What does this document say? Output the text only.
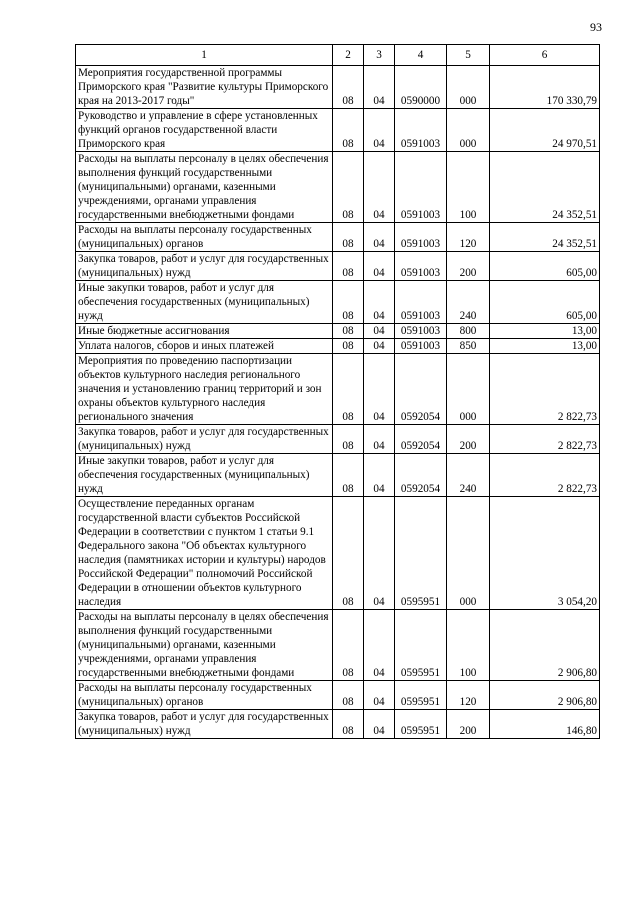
93
1	2	3	4	5	6
Мероприятия государственной программы Приморского края "Развитие культуры Приморского края на 2013-2017 годы"	08	04	0590000	000	170 330,79
Руководство и управление в сфере установленных функций органов государственной власти Приморского края	08	04	0591003	000	24 970,51
Расходы на выплаты персоналу в целях обеспечения выполнения функций государственными (муниципальными) органами, казенными учреждениями, органами управления государственными внебюджетными фондами	08	04	0591003	100	24 352,51
Расходы на выплаты персоналу государственных (муниципальных) органов	08	04	0591003	120	24 352,51
Закупка товаров, работ и услуг для государственных (муниципальных) нужд	08	04	0591003	200	605,00
Иные закупки товаров, работ и услуг для обеспечения государственных (муниципальных) нужд	08	04	0591003	240	605,00
Иные бюджетные ассигнования	08	04	0591003	800	13,00
Уплата налогов, сборов и иных платежей	08	04	0591003	850	13,00
Мероприятия по проведению паспортизации объектов культурного наследия регионального значения и установлению границ территорий и зон охраны объектов культурного наследия регионального значения	08	04	0592054	000	2 822,73
Закупка товаров, работ и услуг для государственных (муниципальных) нужд	08	04	0592054	200	2 822,73
Иные закупки товаров, работ и услуг для обеспечения государственных (муниципальных) нужд	08	04	0592054	240	2 822,73
Осуществление переданных органам государственной власти субъектов Российской Федерации в соответствии с пунктом 1 статьи 9.1 Федерального закона "Об объектах культурного наследия (памятниках истории и культуры) народов Российской Федерации" полномочий Российской Федерации в отношении объектов культурного наследия	08	04	0595951	000	3 054,20
Расходы на выплаты персоналу в целях обеспечения выполнения функций государственными (муниципальными) органами, казенными учреждениями, органами управления государственными внебюджетными фондами	08	04	0595951	100	2 906,80
Расходы на выплаты персоналу государственных (муниципальных) органов	08	04	0595951	120	2 906,80
Закупка товаров, работ и услуг для государственных (муниципальных) нужд	08	04	0595951	200	146,80
